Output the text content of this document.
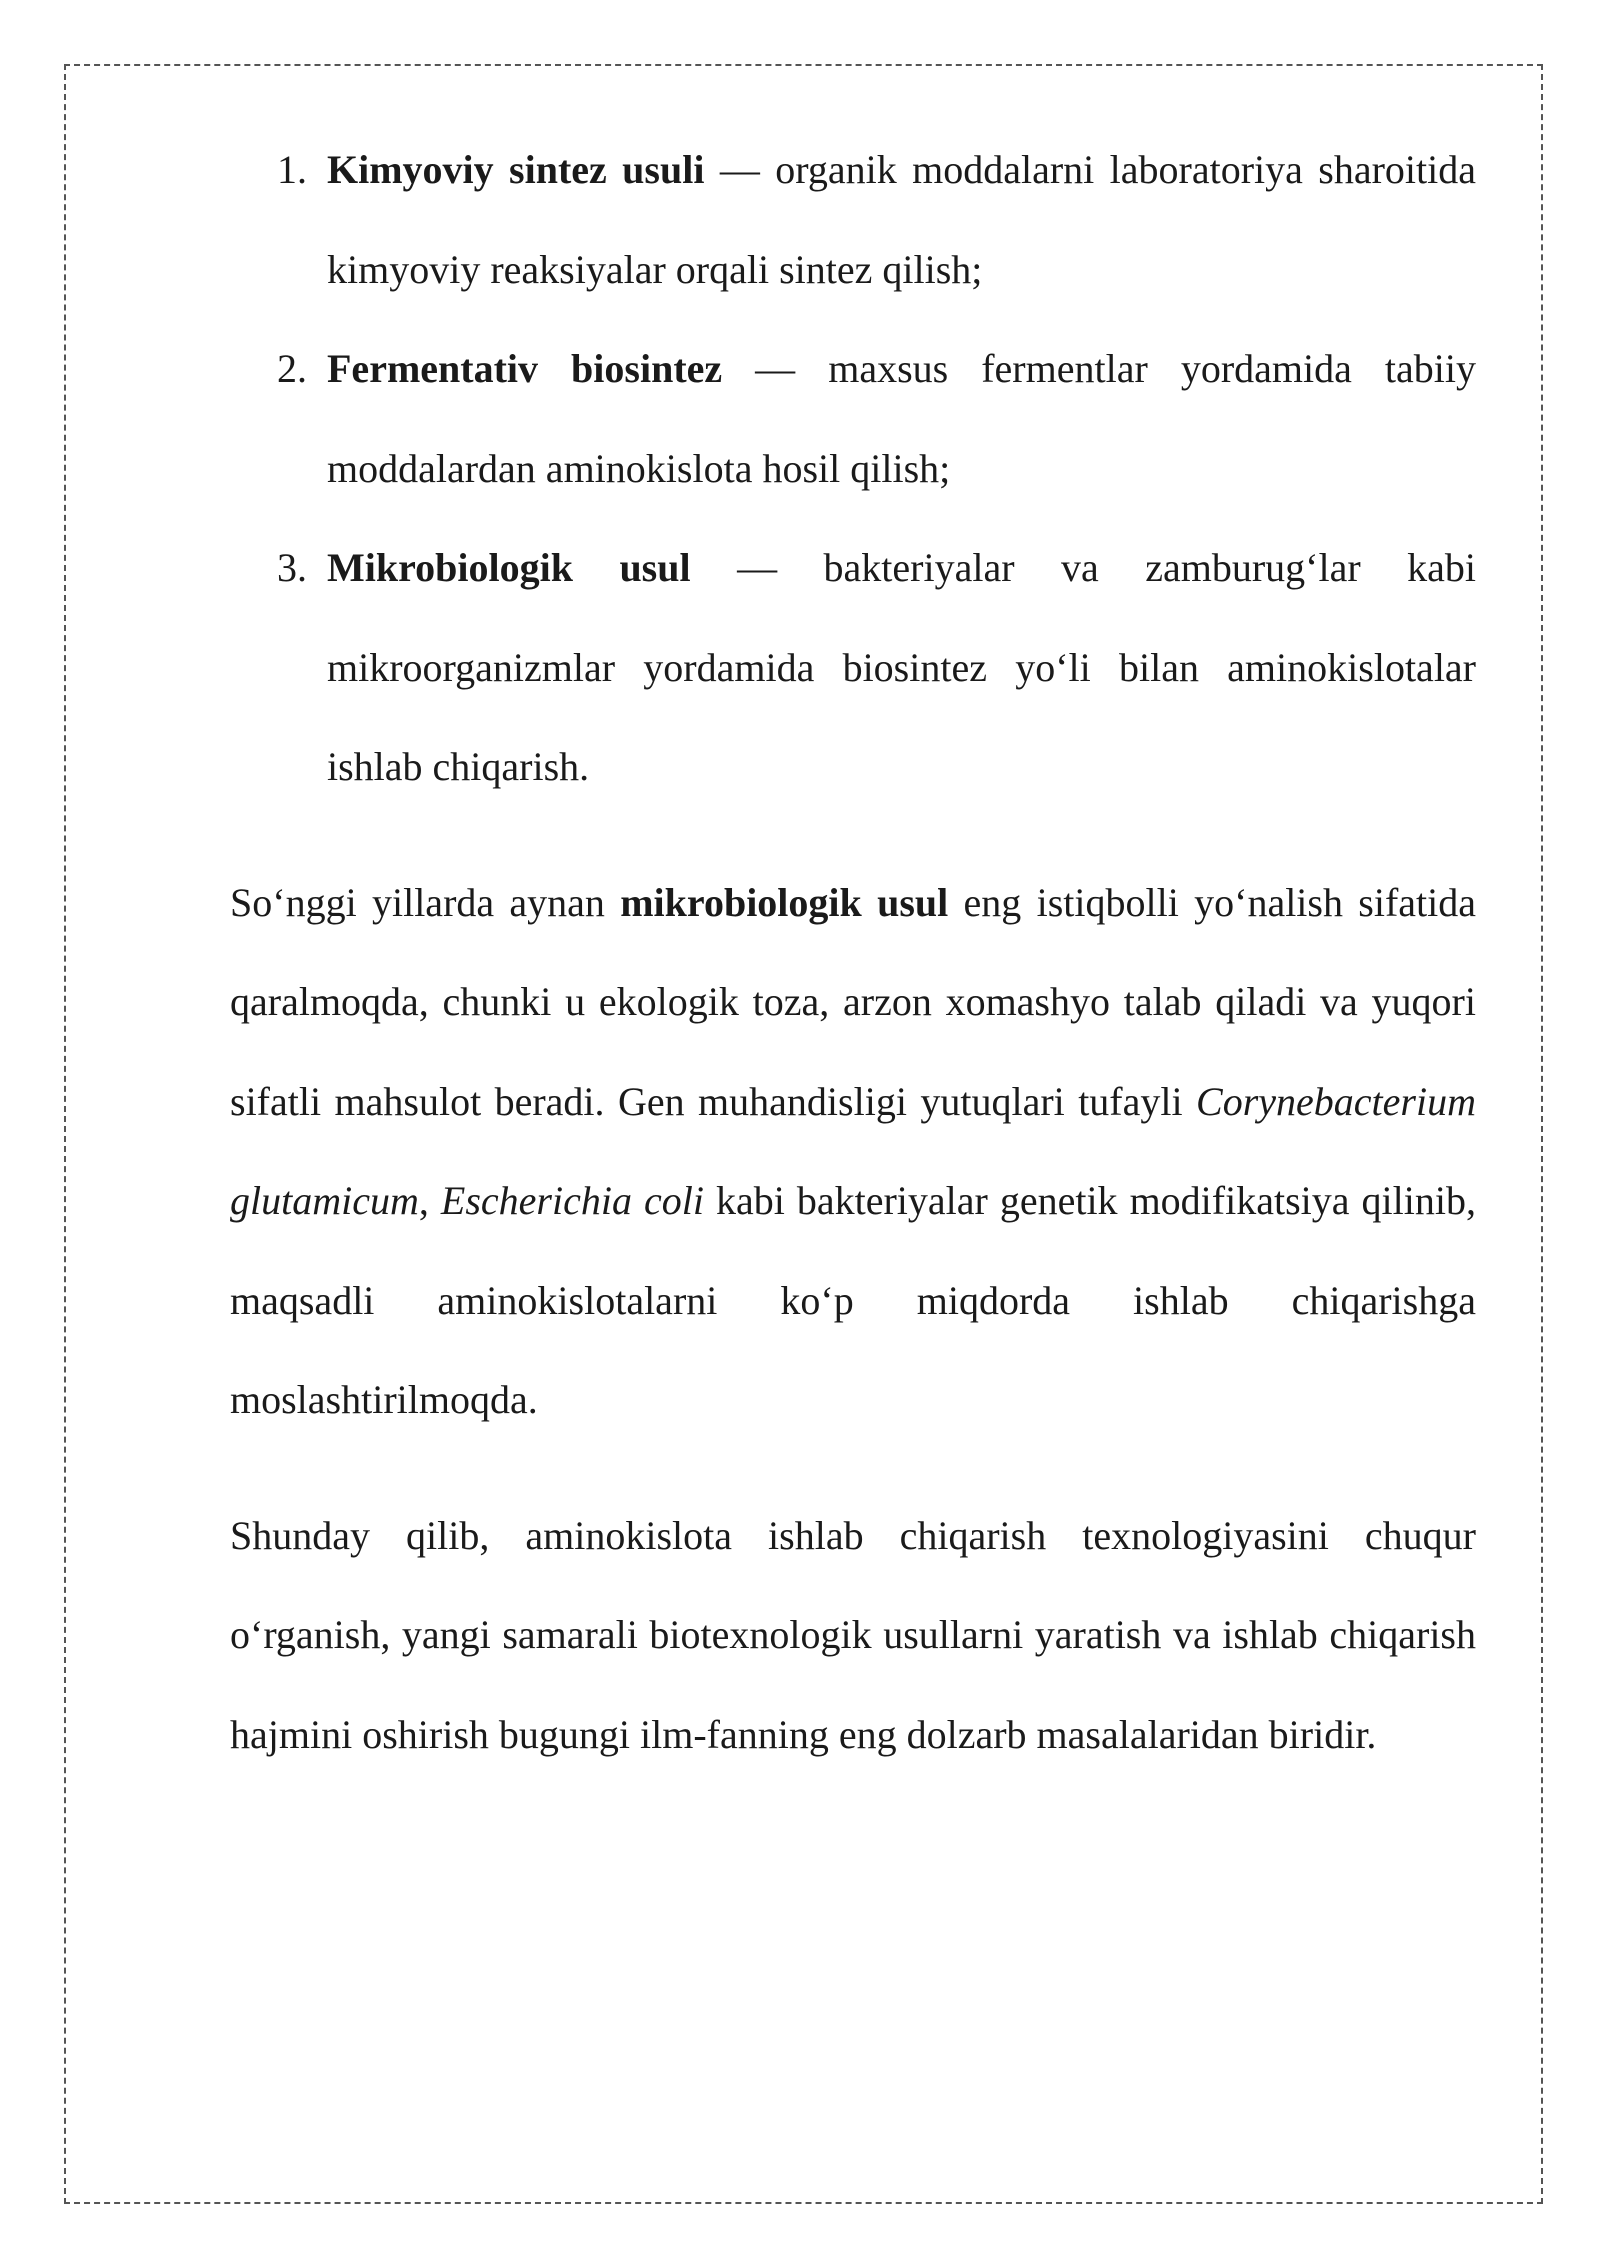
1. Kimyoviy sintez usuli — organik moddalarni laboratoriya sharoitida kimyoviy reaksiyalar orqali sintez qilish;
2. Fermentativ biosintez — maxsus fermentlar yordamida tabiiy moddalardan aminokislota hosil qilish;
3. Mikrobiologik usul — bakteriyalar va zamburug‘lar kabi mikroorganizmlar yordamida biosintez yo‘li bilan aminokislotalar ishlab chiqarish.

So‘nggi yillarda aynan mikrobiologik usul eng istiqbolli yo‘nalish sifatida qaralmoqda, chunki u ekologik toza, arzon xomashyo talab qiladi va yuqori sifatli mahsulot beradi. Gen muhandisligi yutuqlari tufayli Corynebacterium glutamicum, Escherichia coli kabi bakteriyalar genetik modifikatsiya qilinib, maqsadli aminokislotalarni ko‘p miqdorda ishlab chiqarishga moslashtirilmoqda.

Shunday qilib, aminokislota ishlab chiqarish texnologiyasini chuqur o‘rganish, yangi samarali biotexnologik usullarni yaratish va ishlab chiqarish hajmini oshirish bugungi ilm-fanning eng dolzarb masalalaridan biridir.
